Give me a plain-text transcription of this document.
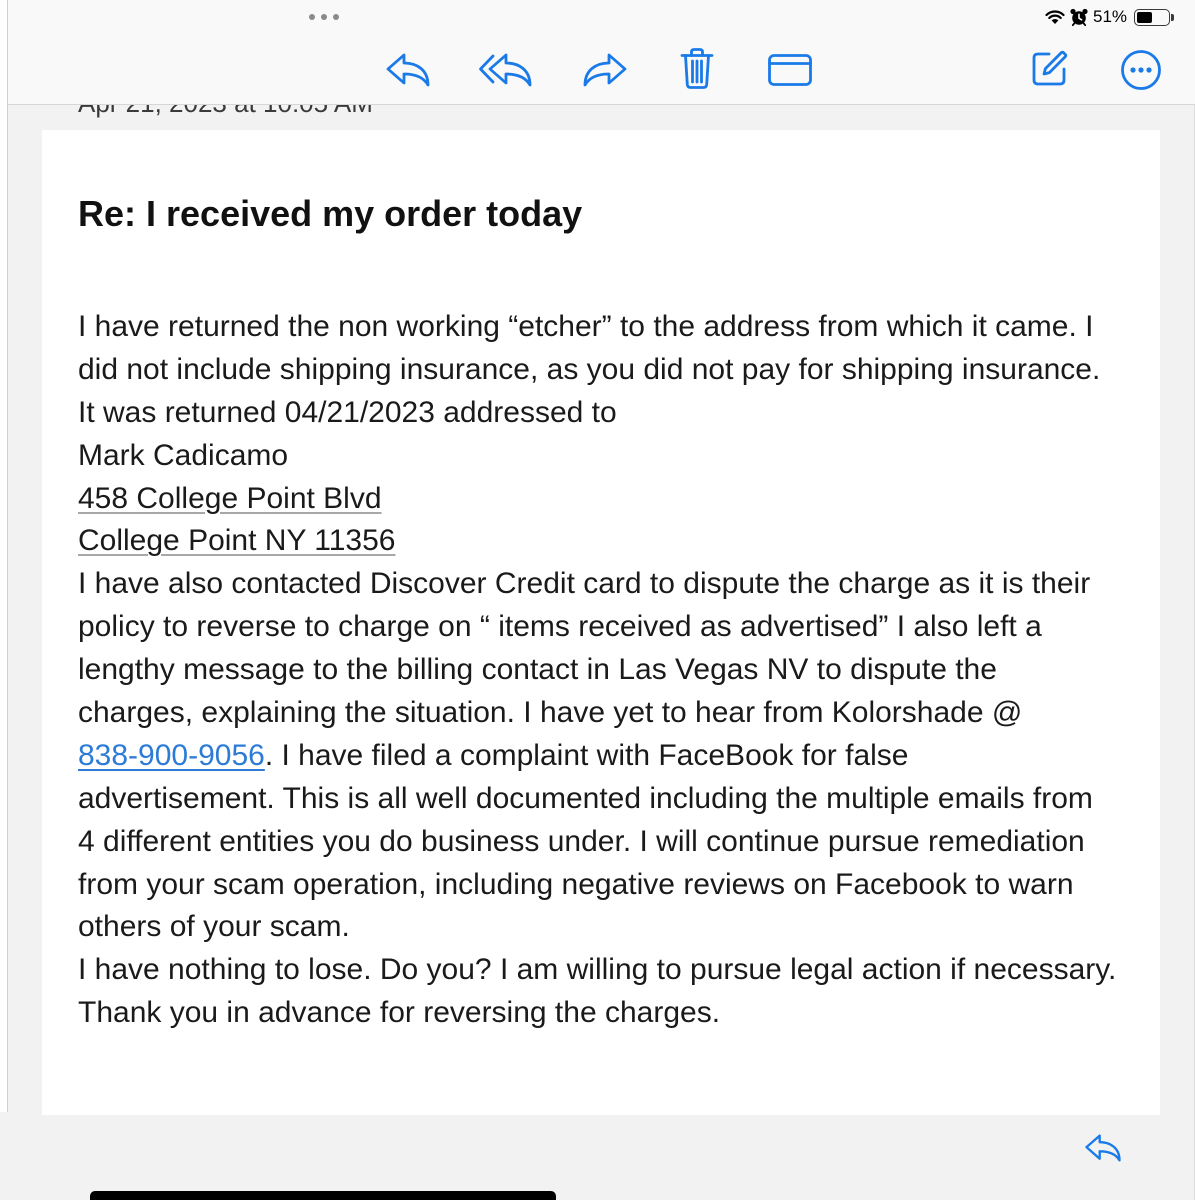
51%
Re: I received my order today
I have returned the non working “etcher” to the address from which it came. I
did not include shipping insurance, as you did not pay for shipping insurance.
It was returned 04/21/2023 addressed to
Mark Cadicamo
458 College Point Blvd
College Point NY 11356
I have also contacted Discover Credit card to dispute the charge as it is their
policy to reverse to charge on “ items received as advertised” I also left a
lengthy message to the billing contact in Las Vegas NV to dispute the
charges, explaining the situation. I have yet to hear from Kolorshade @
838-900-9056. I have filed a complaint with FaceBook for false
advertisement. This is all well documented including the multiple emails from
4 different entities you do business under. I will continue pursue remediation
from your scam operation, including negative reviews on Facebook to warn
others of your scam.
I have nothing to lose. Do you? I am willing to pursue legal action if necessary.
Thank you in advance for reversing the charges.
